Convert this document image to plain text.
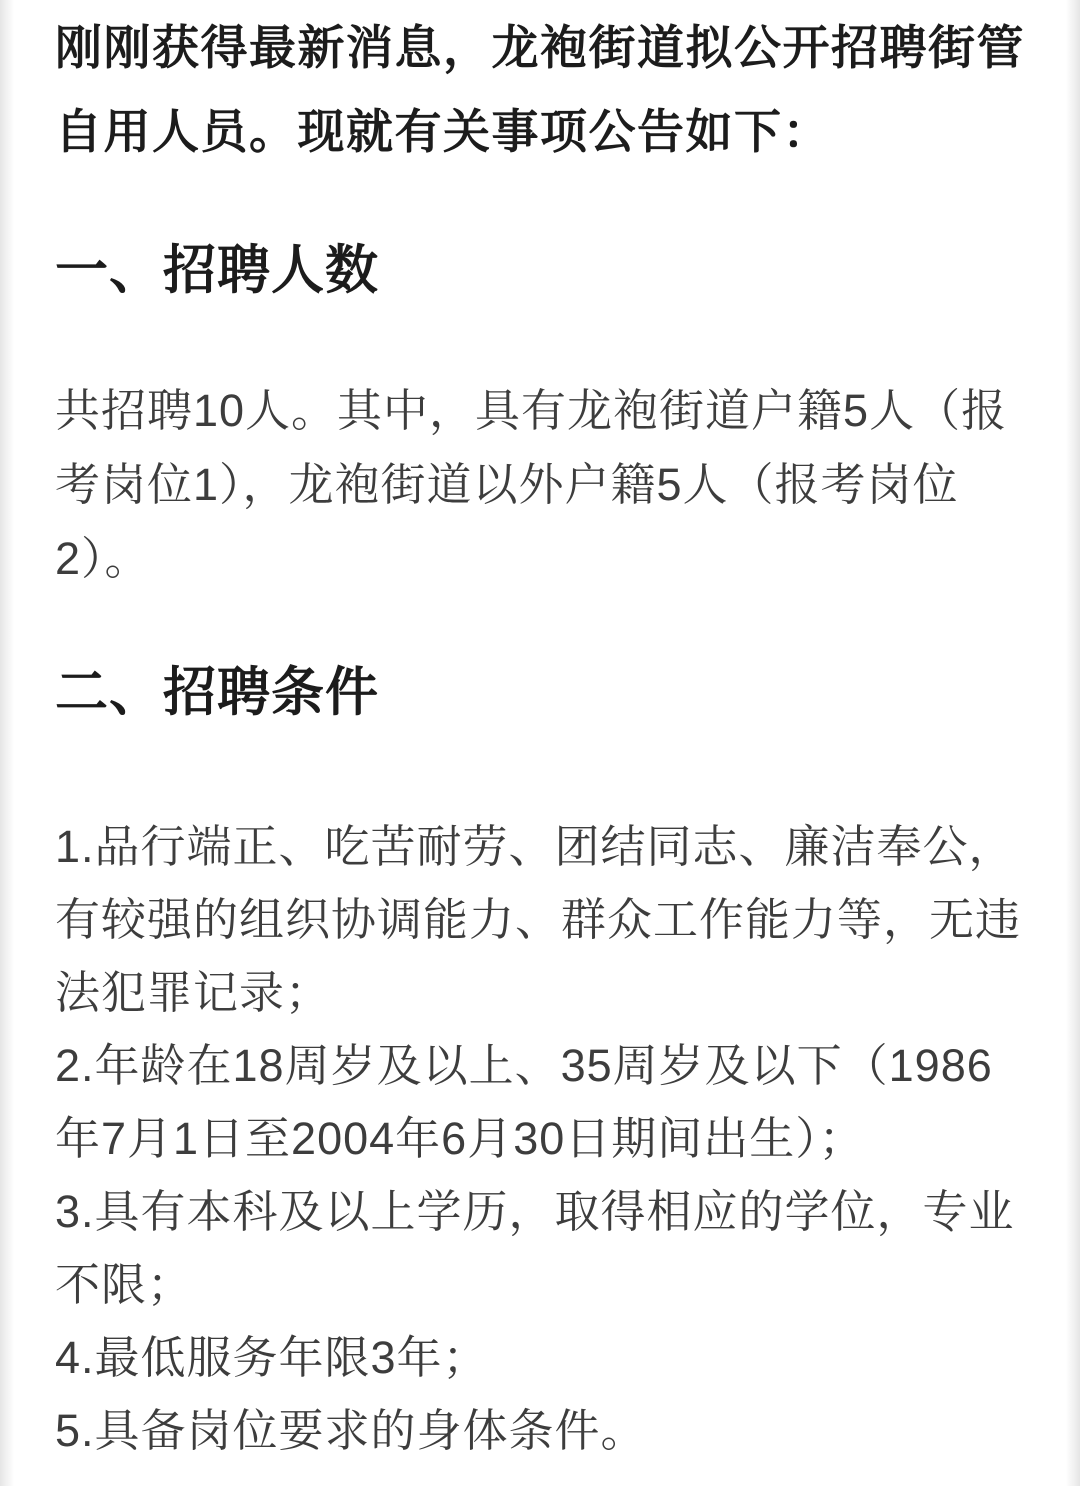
刚刚获得最新消息，龙袍街道拟公开招聘街管
自用人员。现就有关事项公告如下：

一、招聘人数

共招聘10人。其中，具有龙袍街道户籍5人（报
考岗位1），龙袍街道以外户籍5人（报考岗位
2）。

二、招聘条件

1.品行端正、吃苦耐劳、团结同志、廉洁奉公，
有较强的组织协调能力、群众工作能力等，无违
法犯罪记录；
2.年龄在18周岁及以上、35周岁及以下（1986
年7月1日至2004年6月30日期间出生）；
3.具有本科及以上学历，取得相应的学位，专业
不限；
4.最低服务年限3年；
5.具备岗位要求的身体条件。
